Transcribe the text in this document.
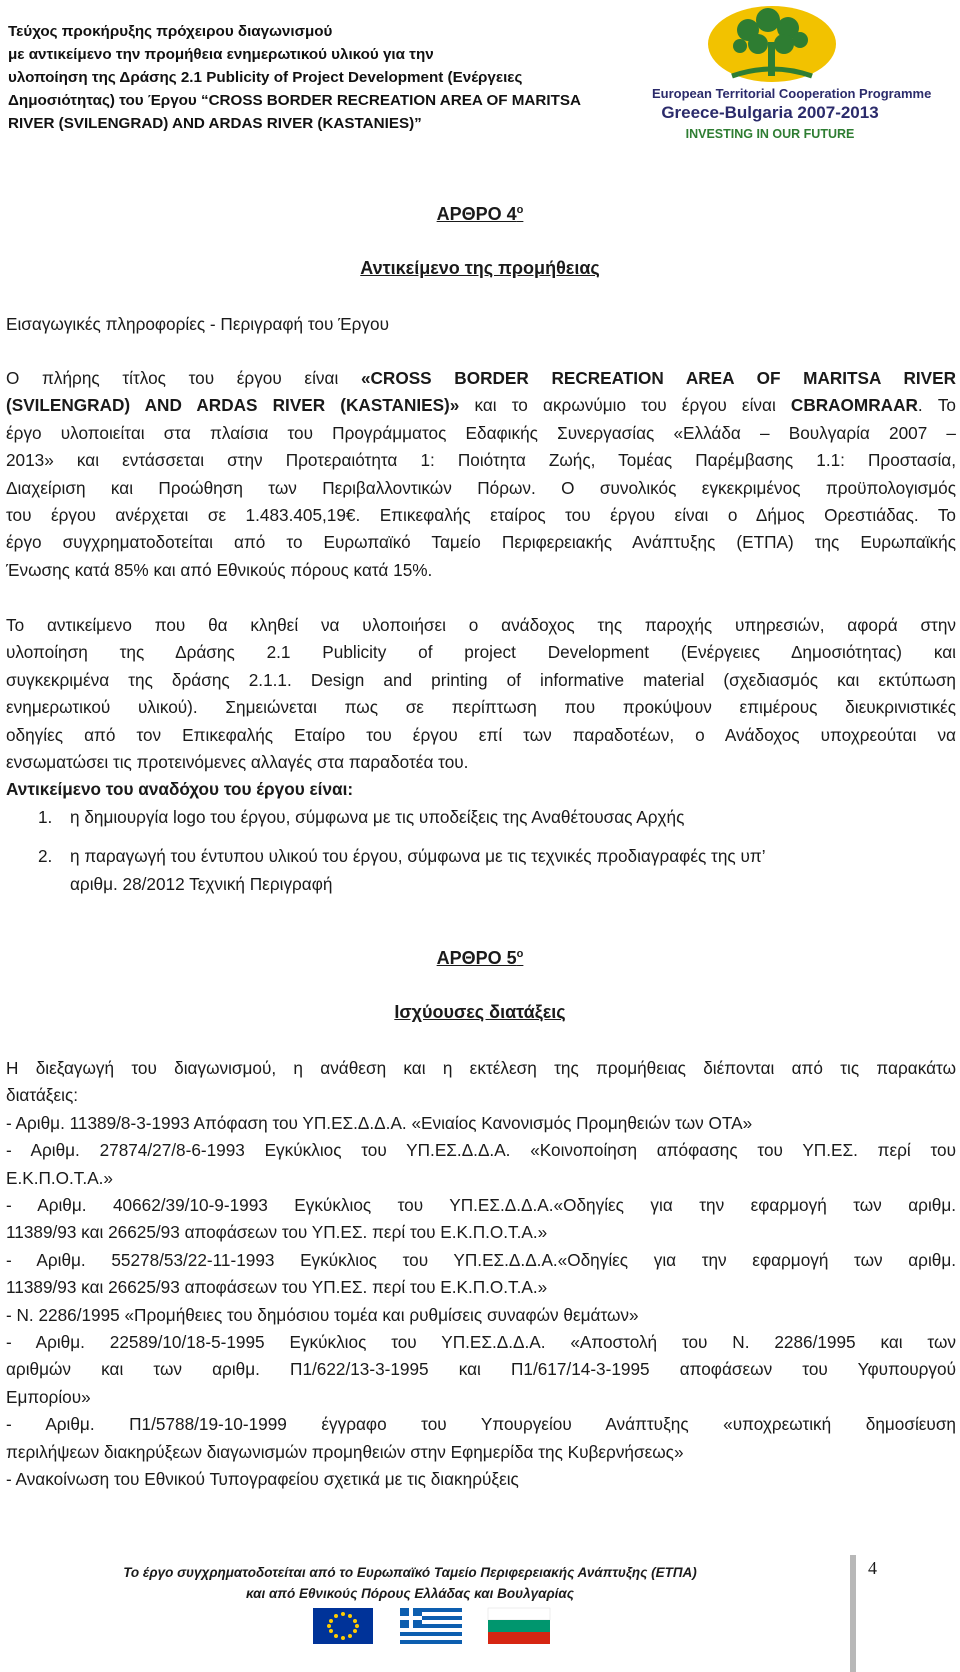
Τεύχος προκήρυξης πρόχειρου διαγωνισμού
με αντικείμενο την προμήθεια ενημερωτικού υλικού για την
υλοποίηση της Δράσης 2.1 Publicity of Project Development (Ενέργειες
Δημοσιότητας) του Έργου “CROSS BORDER RECREATION AREA OF MARITSA
RIVER (SVILENGRAD) AND ARDAS RIVER (KASTANIES)”
European Territorial Cooperation Programme
Greece-Bulgaria 2007-2013
INVESTING IN OUR FUTURE
ΑΡΘΡΟ $4^o$
Αντικείμενο της προμήθειας
Εισαγωγικές πληροφορίες - Περιγραφή του Έργου
Ο πλήρης τίτλος του έργου είναι «CROSS BORDER RECREATION AREA OF MARITSA RIVER
(SVILENGRAD) AND ARDAS RIVER (KASTANIES)» και το ακρωνύμιο του έργου είναι CBRAOMRAAR. Το
έργο υλοποιείται στα πλαίσια του Προγράμματος Εδαφικής Συνεργασίας «Ελλάδα – Βουλγαρία 2007 –
2013» και εντάσσεται στην Προτεραιότητα 1: Ποιότητα Ζωής, Τομέας Παρέμβασης 1.1: Προστασία,
Διαχείριση και Προώθηση των Περιβαλλοντικών Πόρων. Ο συνολικός εγκεκριμένος προϋπολογισμός
του έργου ανέρχεται σε 1.483.405,19€. Επικεφαλής εταίρος του έργου είναι ο Δήμος Ορεστιάδας. Το
έργο συγχρηματοδοτείται από το Ευρωπαϊκό Ταμείο Περιφερειακής Ανάπτυξης (ΕΤΠΑ) της Ευρωπαϊκής
Ένωσης κατά 85% και από Εθνικούς πόρους κατά 15%.
Το αντικείμενο που θα κληθεί να υλοποιήσει ο ανάδοχος της παροχής υπηρεσιών, αφορά στην
υλοποίηση της Δράσης 2.1 Publicity of project Development (Ενέργειες Δημοσιότητας) και
συγκεκριμένα της δράσης 2.1.1. Design and printing of informative material (σχεδιασμός και εκτύπωση
ενημερωτικού υλικού). Σημειώνεται πως σε περίπτωση που προκύψουν επιμέρους διευκρινιστικές
οδηγίες από τον Επικεφαλής Εταίρο του έργου επί των παραδοτέων, ο Ανάδοχος υποχρεούται να
ενσωματώσει τις προτεινόμενες αλλαγές στα παραδοτέα του.
Αντικείμενο του αναδόχου του έργου είναι:
1. η δημιουργία logo του έργου, σύμφωνα με τις υποδείξεις της Αναθέτουσας Αρχής
2. η παραγωγή του έντυπου υλικού του έργου, σύμφωνα με τις τεχνικές προδιαγραφές της υπ’
αριθμ. 28/2012 Τεχνική Περιγραφή
ΑΡΘΡΟ $5^o$
Ισχύουσες διατάξεις
Η διεξαγωγή του διαγωνισμού, η ανάθεση και η εκτέλεση της προμήθειας διέπονται από τις παρακάτω
διατάξεις:
- Αριθμ. 11389/8-3-1993 Απόφαση του ΥΠ.ΕΣ.Δ.Δ.Α. «Ενιαίος Κανονισμός Προμηθειών των ΟΤΑ»
- Αριθμ. 27874/27/8-6-1993 Εγκύκλιος του ΥΠ.ΕΣ.Δ.Δ.Α. «Κοινοποίηση απόφασης του ΥΠ.ΕΣ. περί του
Ε.Κ.Π.Ο.Τ.Α.»
- Αριθμ. 40662/39/10-9-1993 Εγκύκλιος του ΥΠ.ΕΣ.Δ.Δ.Α.«Οδηγίες για την εφαρμογή των αριθμ.
11389/93 και 26625/93 αποφάσεων του ΥΠ.ΕΣ. περί του Ε.Κ.Π.Ο.Τ.Α.»
- Αριθμ. 55278/53/22-11-1993 Εγκύκλιος του ΥΠ.ΕΣ.Δ.Δ.Α.«Οδηγίες για την εφαρμογή των αριθμ.
11389/93 και 26625/93 αποφάσεων του ΥΠ.ΕΣ. περί του Ε.Κ.Π.Ο.Τ.Α.»
- Ν. 2286/1995 «Προμήθειες του δημόσιου τομέα και ρυθμίσεις συναφών θεμάτων»
- Αριθμ. 22589/10/18-5-1995 Εγκύκλιος του ΥΠ.ΕΣ.Δ.Δ.Α. «Αποστολή του Ν. 2286/1995 και των
αριθμών και των αριθμ. Π1/622/13-3-1995 και Π1/617/14-3-1995 αποφάσεων του Υφυπουργού
Εμπορίου»
- Αριθμ. Π1/5788/19-10-1999 έγγραφο του Υπουργείου Ανάπτυξης «υποχρεωτική δημοσίευση
περιλήψεων διακηρύξεων διαγωνισμών προμηθειών στην Εφημερίδα της Κυβερνήσεως»
- Ανακοίνωση του Εθνικού Τυπογραφείου σχετικά με τις διακηρύξεις
Το έργο συγχρηματοδοτείται από το Ευρωπαϊκό Ταμείο Περιφερειακής Ανάπτυξης (ΕΤΠΑ)
και από Εθνικούς Πόρους Ελλάδας και Βουλγαρίας
4
